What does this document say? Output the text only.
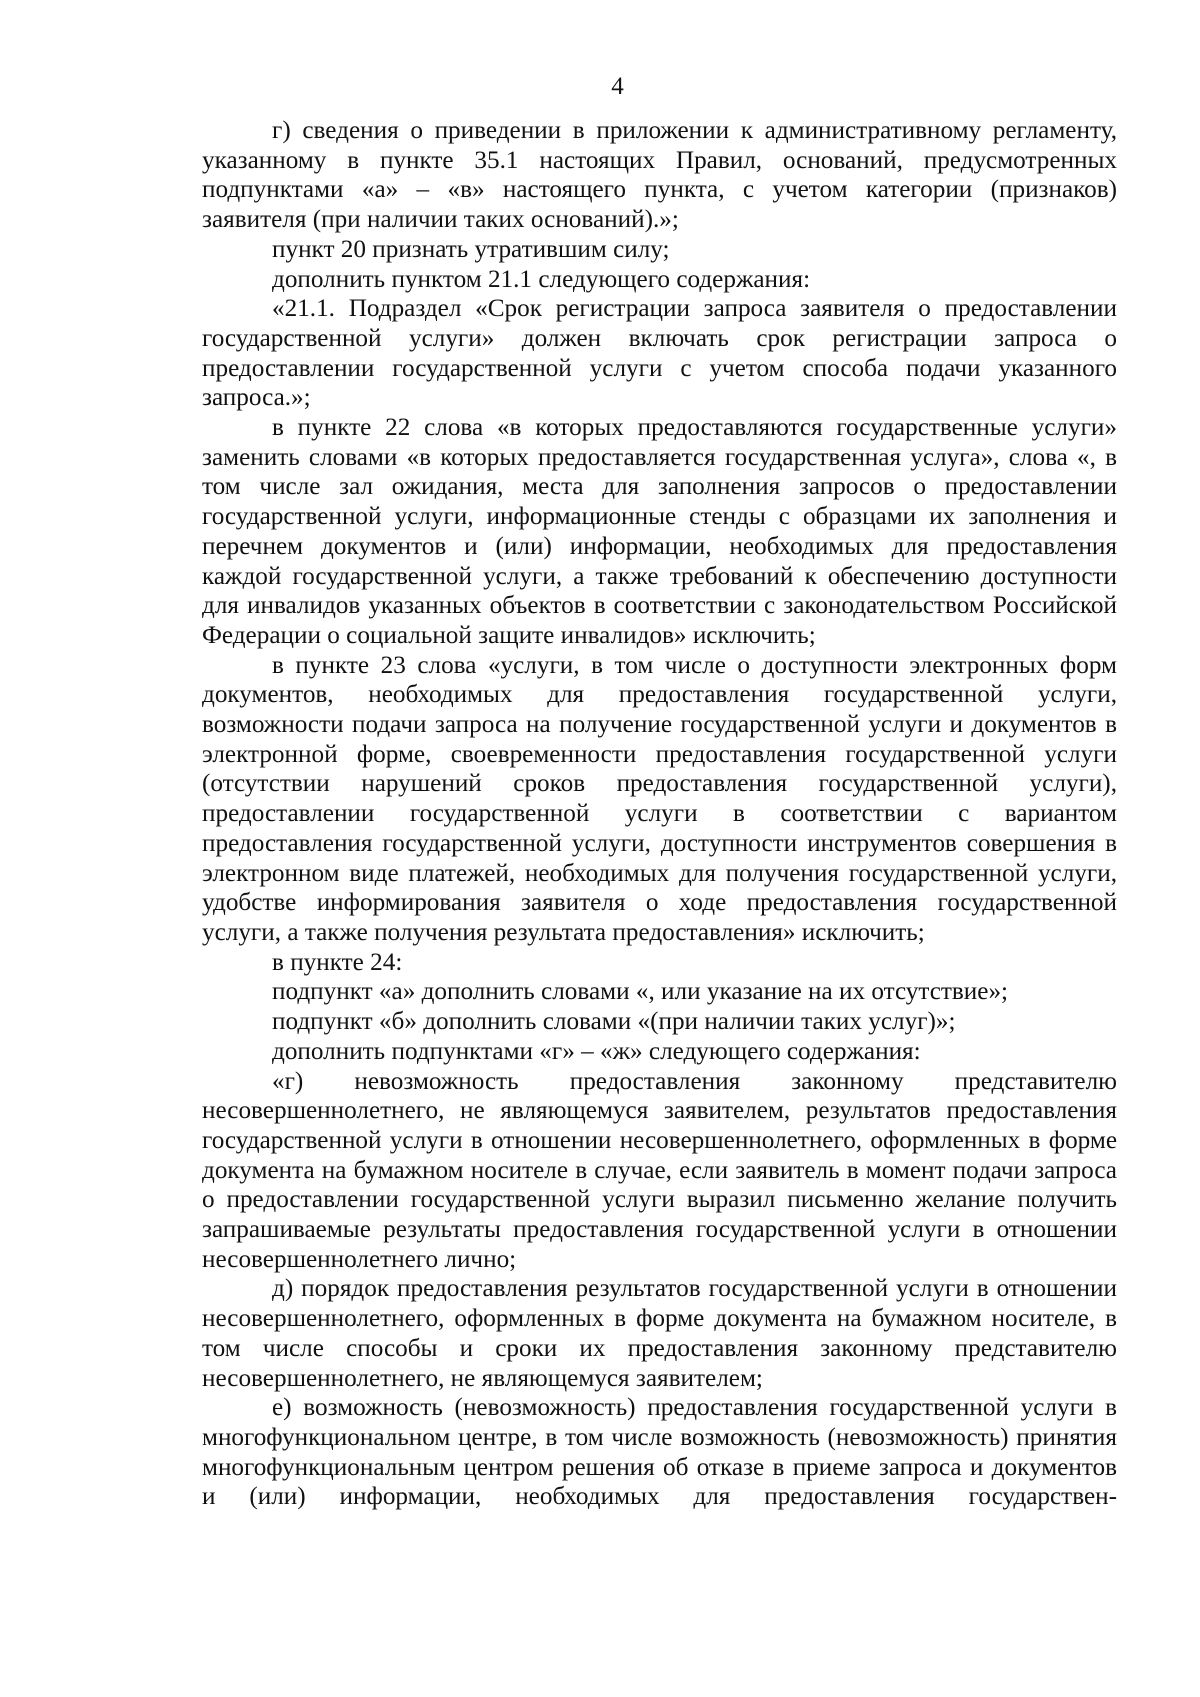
4

г) сведения о приведении в приложении к административному регламенту, указанному в пункте 35.1 настоящих Правил, оснований, предусмотренных подпунктами «а» – «в» настоящего пункта, с учетом категории (признаков) заявителя (при наличии таких оснований).»;

пункт 20 признать утратившим силу;

дополнить пунктом 21.1 следующего содержания:

«21.1. Подраздел «Срок регистрации запроса заявителя о предоставлении государственной услуги» должен включать срок регистрации запроса о предоставлении государственной услуги с учетом способа подачи указанного запроса.»;

в пункте 22 слова «в которых предоставляются государственные услуги» заменить словами «в которых предоставляется государственная услуга», слова «, в том числе зал ожидания, места для заполнения запросов о предоставлении государственной услуги, информационные стенды с образцами их заполнения и перечнем документов и (или) информации, необходимых для предоставления каждой государственной услуги, а также требований к обеспечению доступности для инвалидов указанных объектов в соответствии с законодательством Российской Федерации о социальной защите инвалидов» исключить;

в пункте 23 слова «услуги, в том числе о доступности электронных форм документов, необходимых для предоставления государственной услуги, возможности подачи запроса на получение государственной услуги и документов в электронной форме, своевременности предоставления государственной услуги (отсутствии нарушений сроков предоставления государственной услуги), предоставлении государственной услуги в соответствии с вариантом предоставления государственной услуги, доступности инструментов совершения в электронном виде платежей, необходимых для получения государственной услуги, удобстве информирования заявителя о ходе предоставления государственной услуги, а также получения результата предоставления» исключить;

в пункте 24:

подпункт «а» дополнить словами «, или указание на их отсутствие»;

подпункт «б» дополнить словами «(при наличии таких услуг)»;

дополнить подпунктами «г» – «ж» следующего содержания:

«г) невозможность предоставления законному представителю несовершеннолетнего, не являющемуся заявителем, результатов предоставления государственной услуги в отношении несовершеннолетнего, оформленных в форме документа на бумажном носителе в случае, если заявитель в момент подачи запроса о предоставлении государственной услуги выразил письменно желание получить запрашиваемые результаты предоставления государственной услуги в отношении несовершеннолетнего лично;

д) порядок предоставления результатов государственной услуги в отношении несовершеннолетнего, оформленных в форме документа на бумажном носителе, в том числе способы и сроки их предоставления законному представителю несовершеннолетнего, не являющемуся заявителем;

е) возможность (невозможность) предоставления государственной услуги в многофункциональном центре, в том числе возможность (невозможность) принятия многофункциональным центром решения об отказе в приеме запроса и документов и (или) информации, необходимых для предоставления государствен-
